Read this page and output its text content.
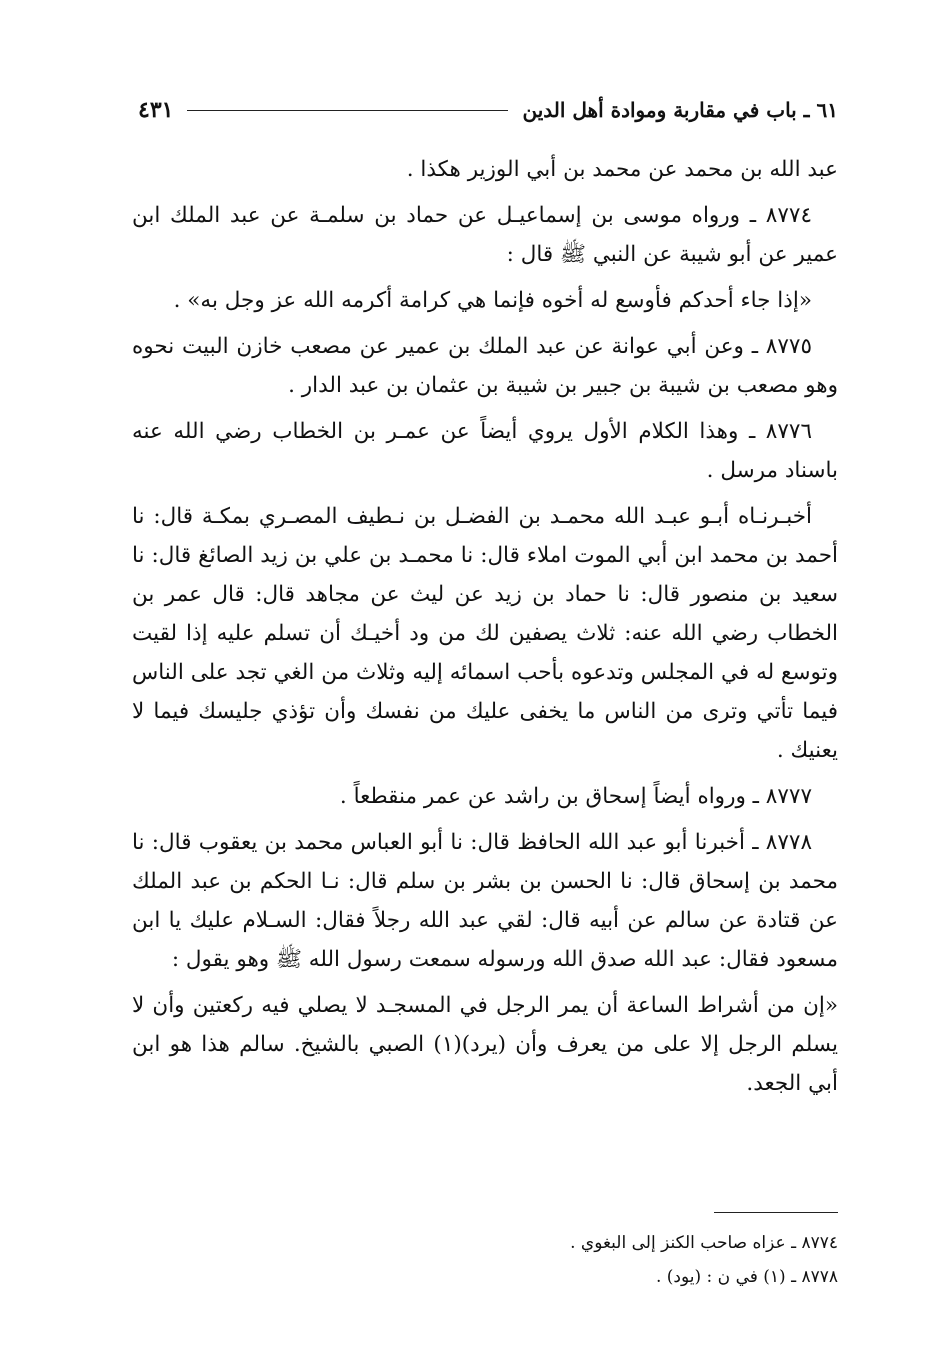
٦١ ـ باب في مقاربة وموادة أهل الدين
٤٣١

عبد الله بن محمد عن محمد بن أبي الوزير هكذا .

٨٧٧٤ ـ ورواه موسى بن إسماعيـل عن حماد بن سلمـة عن عبد الملك ابن عمير عن أبو شيبة عن النبي ﷺ قال :

«إذا جاء أحدكم فأوسع له أخوه فإنما هي كرامة أكرمه الله عز وجل به» .

٨٧٧٥ ـ وعن أبي عوانة عن عبد الملك بن عمير عن مصعب خازن البيت نحوه وهو مصعب بن شيبة بن جبير بن شيبة بن عثمان بن عبد الدار .

٨٧٧٦ ـ وهذا الكلام الأول يروي أيضاً عن عمـر بن الخطاب رضي الله عنه باسناد مرسل .

أخبـرنـاه أبـو عبـد الله محمـد بن الفضـل بن نـطيف المصـري بمكـة قال: نا أحمد بن محمد ابن أبي الموت املاء قال: نا محمـد بن علي بن زيد الصائغ قال: نا سعيد بن منصور قال: نا حماد بن زيد عن ليث عن مجاهد قال: قال عمر بن الخطاب رضي الله عنه: ثلاث يصفين لك من ود أخيـك أن تسلم عليه إذا لقيت وتوسع له في المجلس وتدعوه بأحب اسمائه إليه وثلاث من الغي تجد على الناس فيما تأتي وترى من الناس ما يخفى عليك من نفسك وأن تؤذي جليسك فيما لا يعنيك .

٨٧٧٧ ـ ورواه أيضاً إسحاق بن راشد عن عمر منقطعاً .

٨٧٧٨ ـ أخبرنا أبو عبد الله الحافظ قال: نا أبو العباس محمد بن يعقوب قال: نا محمد بن إسحاق قال: نا الحسن بن بشر بن سلم قال: نـا الحكم بن عبد الملك عن قتادة عن سالم عن أبيه قال: لقي عبد الله رجلاً فقال: السـلام عليك يا ابن مسعود فقال: عبد الله صدق الله ورسوله سمعت رسول الله ﷺ وهو يقول :

«إن من أشراط الساعة أن يمر الرجل في المسجـد لا يصلي فيه ركعتين وأن لا يسلم الرجل إلا على من يعرف وأن (يرد)(١) الصبي بالشيخ. سالم هذا هو ابن أبي الجعد.

٨٧٧٤ ـ عزاه صاحب الكنز إلى البغوي .

٨٧٧٨ ـ (١) في ن : (يود) .
